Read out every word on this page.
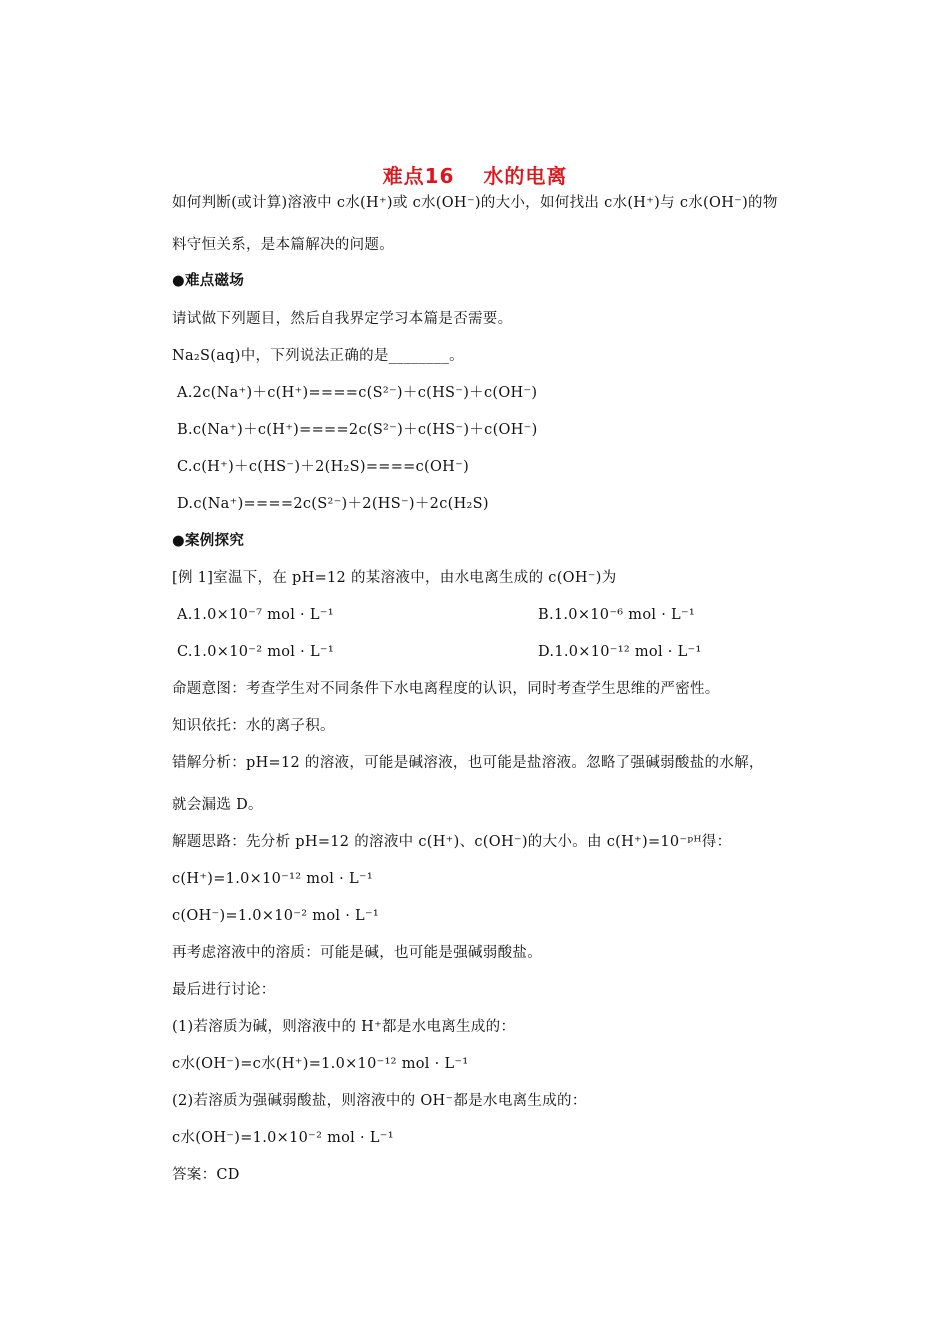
难点16　 水的电离
如何判断(或计算)溶液中 c水(H⁺)或 c水(OH⁻)的大小，如何找出 c水(H⁺)与 c水(OH⁻)的物
料守恒关系，是本篇解决的问题。
●难点磁场
请试做下列题目，然后自我界定学习本篇是否需要。
Na₂S(aq)中，下列说法正确的是________。
A.2c(Na⁺)＋c(H⁺)====c(S²⁻)＋c(HS⁻)＋c(OH⁻)
B.c(Na⁺)＋c(H⁺)====2c(S²⁻)＋c(HS⁻)＋c(OH⁻)
C.c(H⁺)＋c(HS⁻)＋2(H₂S)====c(OH⁻)
D.c(Na⁺)====2c(S²⁻)＋2(HS⁻)＋2c(H₂S)
●案例探究
[例 1]室温下，在 pH=12 的某溶液中，由水电离生成的 c(OH⁻)为
A.1.0×10⁻⁷ mol · L⁻¹	B.1.0×10⁻⁶ mol · L⁻¹
C.1.0×10⁻² mol · L⁻¹	D.1.0×10⁻¹² mol · L⁻¹
命题意图：考查学生对不同条件下水电离程度的认识，同时考查学生思维的严密性。
知识依托：水的离子积。
错解分析：pH=12 的溶液，可能是碱溶液，也可能是盐溶液。忽略了强碱弱酸盐的水解，
就会漏选 D。
解题思路：先分析 pH=12 的溶液中 c(H⁺)、c(OH⁻)的大小。由 c(H⁺)=10⁻ᵖᴴ得：
c(H⁺)=1.0×10⁻¹² mol · L⁻¹
c(OH⁻)=1.0×10⁻² mol · L⁻¹
再考虑溶液中的溶质：可能是碱，也可能是强碱弱酸盐。
最后进行讨论：
(1)若溶质为碱，则溶液中的 H⁺都是水电离生成的：
c水(OH⁻)=c水(H⁺)=1.0×10⁻¹² mol · L⁻¹
(2)若溶质为强碱弱酸盐，则溶液中的 OH⁻都是水电离生成的：
c水(OH⁻)=1.0×10⁻² mol · L⁻¹
答案：CD
